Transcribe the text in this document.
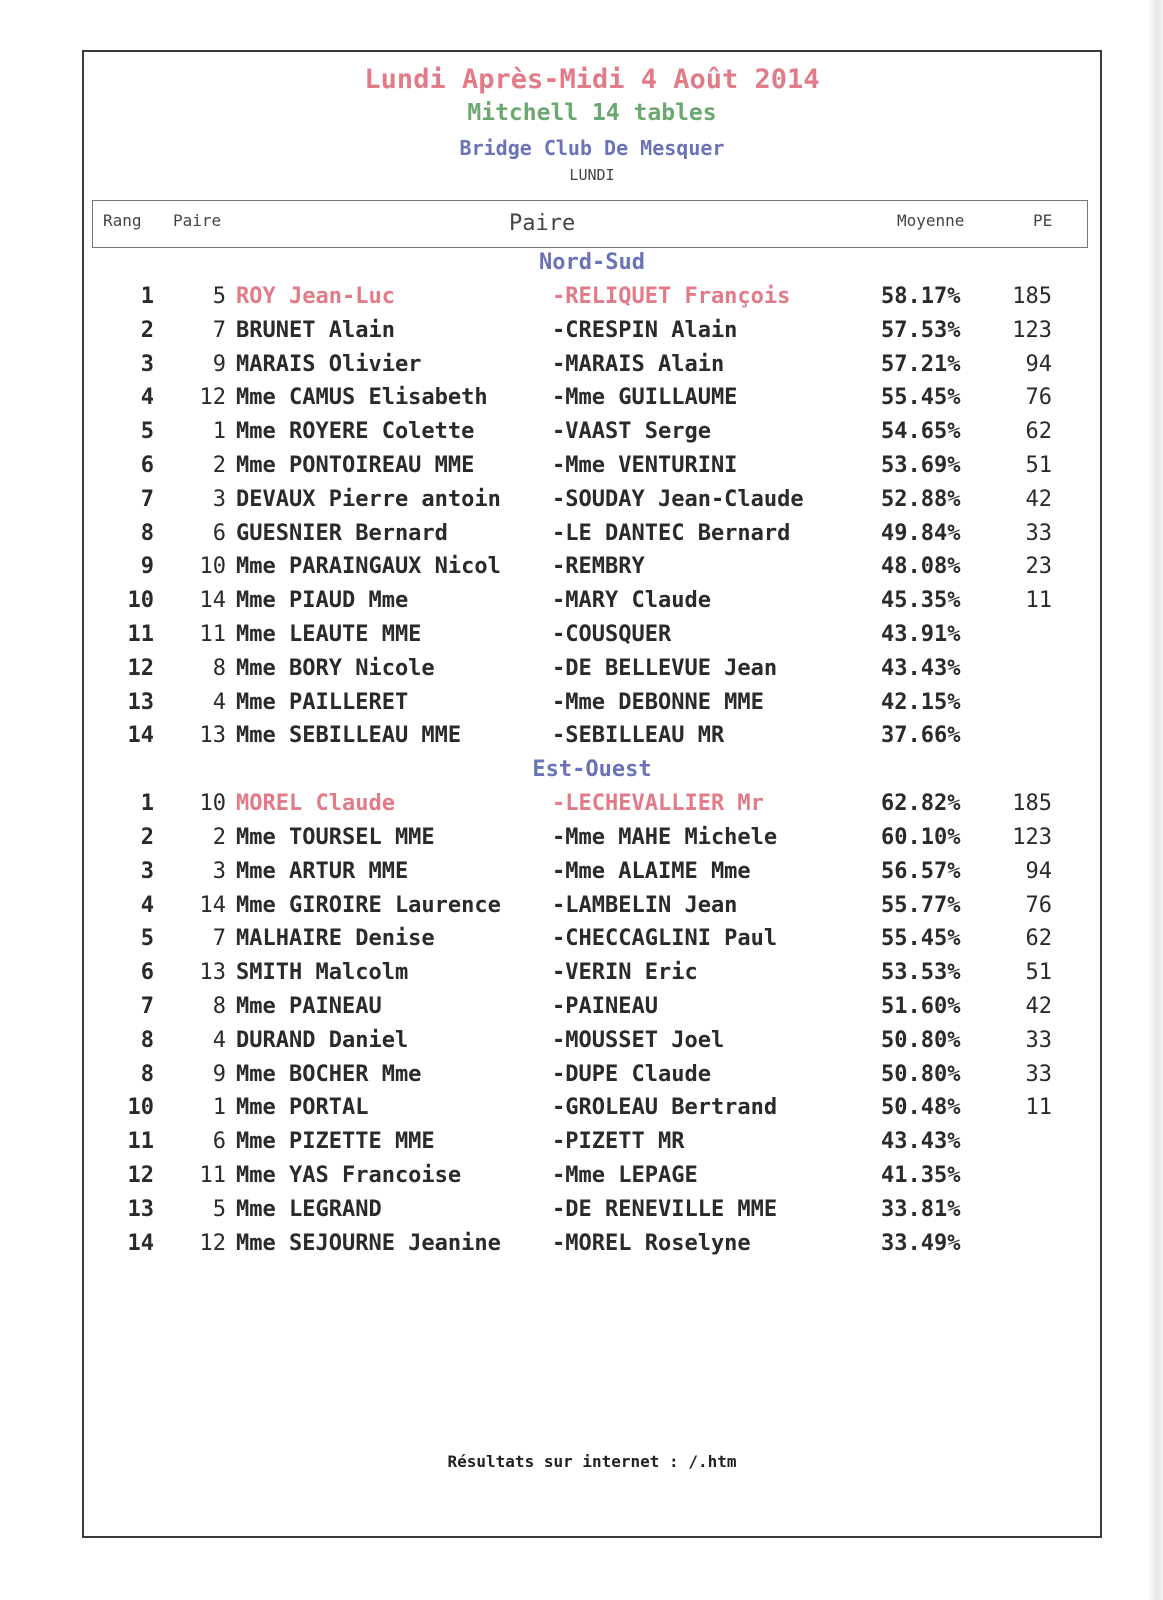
Lundi Après-Midi 4 Août 2014
Mitchell 14 tables
Bridge Club De Mesquer
LUNDI
Rang Paire	Paire	Moyenne	PE
Nord-Sud
1	5 ROY Jean-Luc	-RELIQUET François	58.17%	185
2	7 BRUNET Alain	-CRESPIN Alain	57.53%	123
3	9 MARAIS Olivier	-MARAIS Alain	57.21%	94
4	12 Mme CAMUS Elisabeth	-Mme GUILLAUME	55.45%	76
5	1 Mme ROYERE Colette	-VAAST Serge	54.65%	62
6	2 Mme PONTOIREAU MME	-Mme VENTURINI	53.69%	51
7	3 DEVAUX Pierre antoin -SOUDAY Jean-Claude	52.88%	42
8	6 GUESNIER Bernard	-LE DANTEC Bernard	49.84%	33
9	10 Mme PARAINGAUX Nicol -REMBRY	48.08%	23
10	14 Mme PIAUD Mme	-MARY Claude	45.35%	11
11	11 Mme LEAUTE MME	-COUSQUER	43.91%
12	8 Mme BORY Nicole	-DE BELLEVUE Jean	43.43%
13	4 Mme PAILLERET	-Mme DEBONNE MME	42.15%
14	13 Mme SEBILLEAU MME	-SEBILLEAU MR	37.66%
Est-Ouest
1	10 MOREL Claude	-LECHEVALLIER Mr	62.82%	185
2	2 Mme TOURSEL MME	-Mme MAHE Michele	60.10%	123
3	3 Mme ARTUR MME	-Mme ALAIME Mme	56.57%	94
4	14 Mme GIROIRE Laurence -LAMBELIN Jean	55.77%	76
5	7 MALHAIRE Denise	-CHECCAGLINI Paul	55.45%	62
6	13 SMITH Malcolm	-VERIN Eric	53.53%	51
7	8 Mme PAINEAU	-PAINEAU	51.60%	42
8	4 DURAND Daniel	-MOUSSET Joel	50.80%	33
8	9 Mme BOCHER Mme	-DUPE Claude	50.80%	33
10	1 Mme PORTAL	-GROLEAU Bertrand	50.48%	11
11	6 Mme PIZETTE MME	-PIZETT MR	43.43%
12	11 Mme YAS Francoise	-Mme LEPAGE	41.35%
13	5 Mme LEGRAND	-DE RENEVILLE MME	33.81%
14	12 Mme SEJOURNE Jeanine -MOREL Roselyne	33.49%
Résultats sur internet : /.htm
